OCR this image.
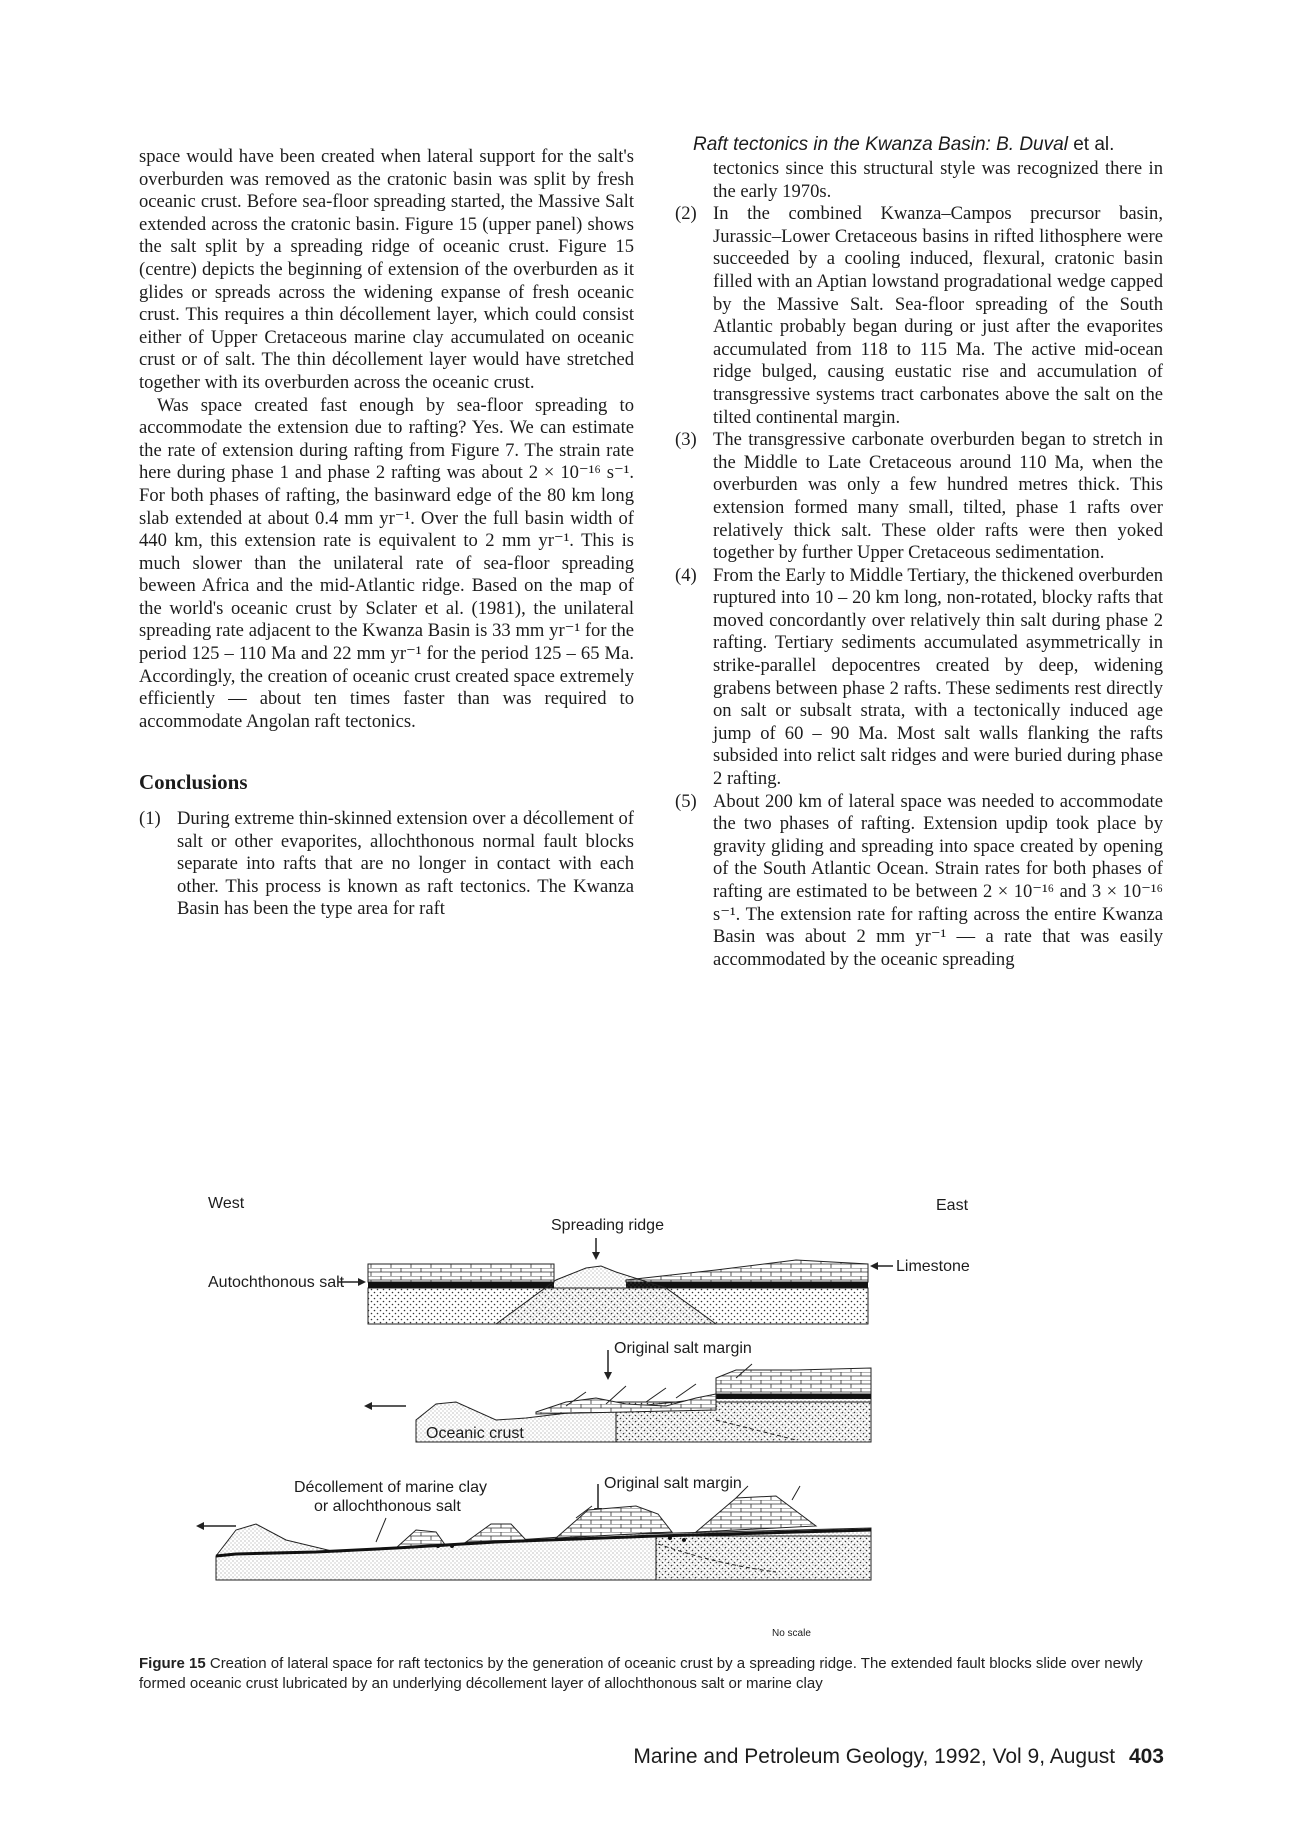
Raft tectonics in the Kwanza Basin: B. Duval et al.

space would have been created when lateral support for the salt's overburden was removed as the cratonic basin was split by fresh oceanic crust. Before sea-floor spreading started, the Massive Salt extended across the cratonic basin. Figure 15 (upper panel) shows the salt split by a spreading ridge of oceanic crust. Figure 15 (centre) depicts the beginning of extension of the overburden as it glides or spreads across the widening expanse of fresh oceanic crust. This requires a thin décollement layer, which could consist either of Upper Cretaceous marine clay accumulated on oceanic crust or of salt. The thin décollement layer would have stretched together with its overburden across the oceanic crust.

Was space created fast enough by sea-floor spreading to accommodate the extension due to rafting? Yes. We can estimate the rate of extension during rafting from Figure 7. The strain rate here during phase 1 and phase 2 rafting was about 2 × 10⁻¹⁶ s⁻¹. For both phases of rafting, the basinward edge of the 80 km long slab extended at about 0.4 mm yr⁻¹. Over the full basin width of 440 km, this extension rate is equivalent to 2 mm yr⁻¹. This is much slower than the unilateral rate of sea-floor spreading beween Africa and the mid-Atlantic ridge. Based on the map of the world's oceanic crust by Sclater et al. (1981), the unilateral spreading rate adjacent to the Kwanza Basin is 33 mm yr⁻¹ for the period 125 – 110 Ma and 22 mm yr⁻¹ for the period 125 – 65 Ma. Accordingly, the creation of oceanic crust created space extremely efficiently — about ten times faster than was required to accommodate Angolan raft tectonics.

Conclusions
(1) During extreme thin-skinned extension over a décollement of salt or other evaporites, allochthonous normal fault blocks separate into rafts that are no longer in contact with each other. This process is known as raft tectonics. The Kwanza Basin has been the type area for raft

tectonics since this structural style was recognized there in the early 1970s.

(2) In the combined Kwanza–Campos precursor basin, Jurassic–Lower Cretaceous basins in rifted lithosphere were succeeded by a cooling induced, flexural, cratonic basin filled with an Aptian lowstand progradational wedge capped by the Massive Salt. Sea-floor spreading of the South Atlantic probably began during or just after the evaporites accumulated from 118 to 115 Ma. The active mid-ocean ridge bulged, causing eustatic rise and accumulation of transgressive systems tract carbonates above the salt on the tilted continental margin.
(3) The transgressive carbonate overburden began to stretch in the Middle to Late Cretaceous around 110 Ma, when the overburden was only a few hundred metres thick. This extension formed many small, tilted, phase 1 rafts over relatively thick salt. These older rafts were then yoked together by further Upper Cretaceous sedimentation.
(4) From the Early to Middle Tertiary, the thickened overburden ruptured into 10 – 20 km long, non-rotated, blocky rafts that moved concordantly over relatively thin salt during phase 2 rafting. Tertiary sediments accumulated asymmetrically in strike-parallel depocentres created by deep, widening grabens between phase 2 rafts. These sediments rest directly on salt or subsalt strata, with a tectonically induced age jump of 60 – 90 Ma. Most salt walls flanking the rafts subsided into relict salt ridges and were buried during phase 2 rafting.
(5) About 200 km of lateral space was needed to accommodate the two phases of rafting. Extension updip took place by gravity gliding and spreading into space created by opening of the South Atlantic Ocean. Strain rates for both phases of rafting are estimated to be between 2 × 10⁻¹⁶ and 3 × 10⁻¹⁶ s⁻¹. The extension rate for rafting across the entire Kwanza Basin was about 2 mm yr⁻¹ — a rate that was easily accommodated by the oceanic spreading
West	East
Spreading ridge
Autochthonous salt
Limestone
Original salt margin
Oceanic crust
Décollement of marine clay
or allochthonous salt
Original salt margin
No scale
Figure 15 Creation of lateral space for raft tectonics by the generation of oceanic crust by a spreading ridge. The extended fault blocks slide over newly formed oceanic crust lubricated by an underlying décollement layer of allochthonous salt or marine clay
Marine and Petroleum Geology, 1992, Vol 9, August 403
